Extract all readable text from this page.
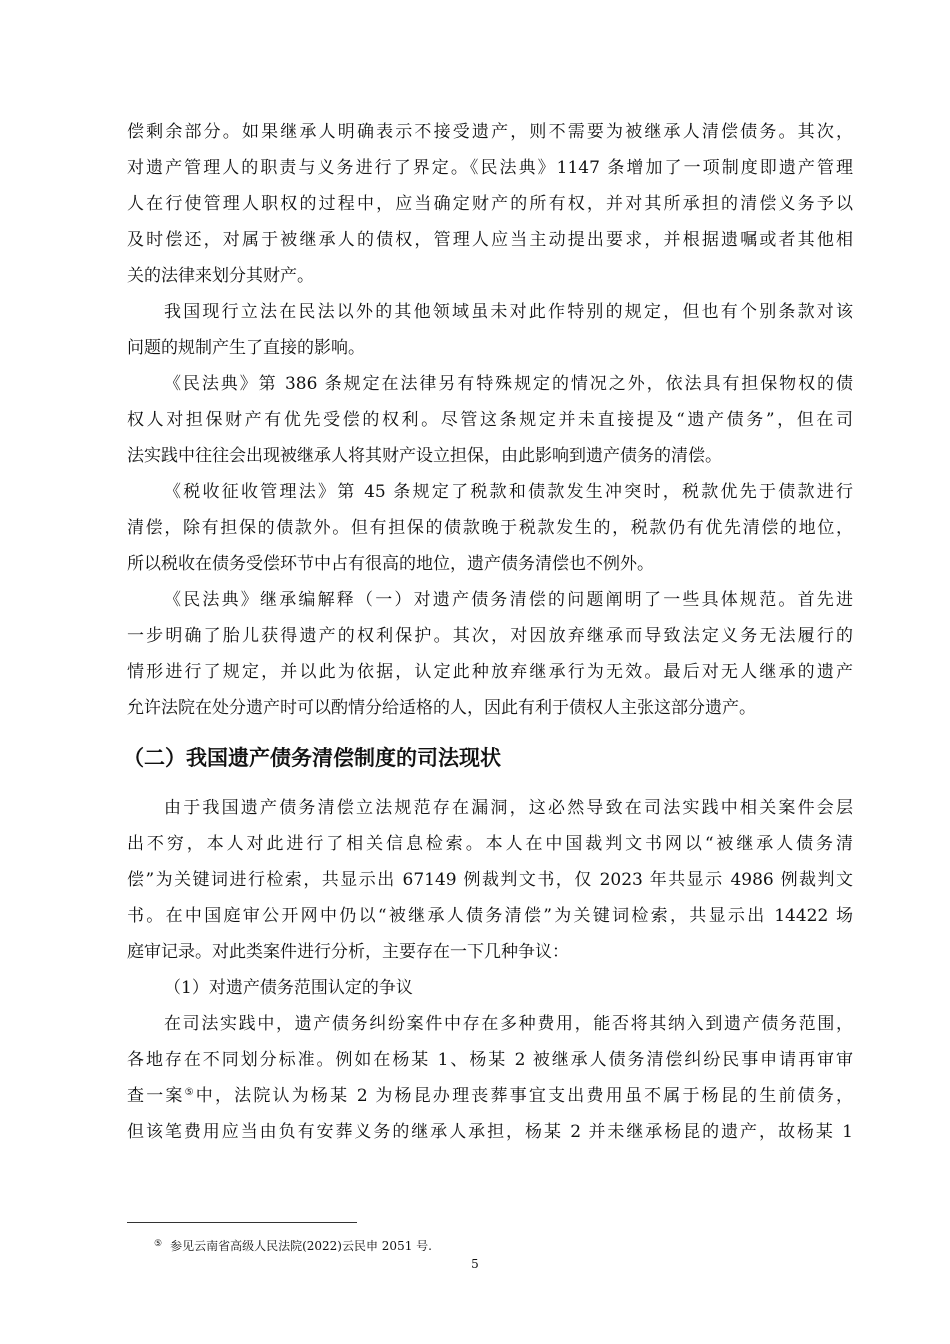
偿剩余部分。如果继承人明确表示不接受遗产，则不需要为被继承人清偿债务。其次，
对遗产管理人的职责与义务进行了界定。《民法典》1147 条增加了一项制度即遗产管理
人在行使管理人职权的过程中，应当确定财产的所有权，并对其所承担的清偿义务予以
及时偿还，对属于被继承人的债权，管理人应当主动提出要求，并根据遗嘱或者其他相
关的法律来划分其财产。
我国现行立法在民法以外的其他领域虽未对此作特别的规定，但也有个别条款对该
问题的规制产生了直接的影响。
《民法典》第 386 条规定在法律另有特殊规定的情况之外，依法具有担保物权的债
权人对担保财产有优先受偿的权利。尽管这条规定并未直接提及“遗产债务”，但在司
法实践中往往会出现被继承人将其财产设立担保，由此影响到遗产债务的清偿。
《税收征收管理法》第 45 条规定了税款和债款发生冲突时，税款优先于债款进行
清偿，除有担保的债款外。但有担保的债款晚于税款发生的，税款仍有优先清偿的地位，
所以税收在债务受偿环节中占有很高的地位，遗产债务清偿也不例外。
《民法典》继承编解释（一）对遗产债务清偿的问题阐明了一些具体规范。首先进
一步明确了胎儿获得遗产的权利保护。其次，对因放弃继承而导致法定义务无法履行的
情形进行了规定，并以此为依据，认定此种放弃继承行为无效。最后对无人继承的遗产
允许法院在处分遗产时可以酌情分给适格的人，因此有利于债权人主张这部分遗产。
（二）我国遗产债务清偿制度的司法现状
由于我国遗产债务清偿立法规范存在漏洞，这必然导致在司法实践中相关案件会层
出不穷，本人对此进行了相关信息检索。本人在中国裁判文书网以“被继承人债务清
偿”为关键词进行检索，共显示出 67149 例裁判文书，仅 2023 年共显示 4986 例裁判文
书。在中国庭审公开网中仍以“被继承人债务清偿”为关键词检索，共显示出 14422 场
庭审记录。对此类案件进行分析，主要存在一下几种争议：
（1）对遗产债务范围认定的争议
在司法实践中，遗产债务纠纷案件中存在多种费用，能否将其纳入到遗产债务范围，
各地存在不同划分标准。例如在杨某 1、杨某 2 被继承人债务清偿纠纷民事申请再审审
查一案⑤中，法院认为杨某 2 为杨昆办理丧葬事宜支出费用虽不属于杨昆的生前债务，
但该笔费用应当由负有安葬义务的继承人承担，杨某 2 并未继承杨昆的遗产，故杨某 1
⑤ 参见云南省高级人民法院(2022)云民申 2051 号.
5
